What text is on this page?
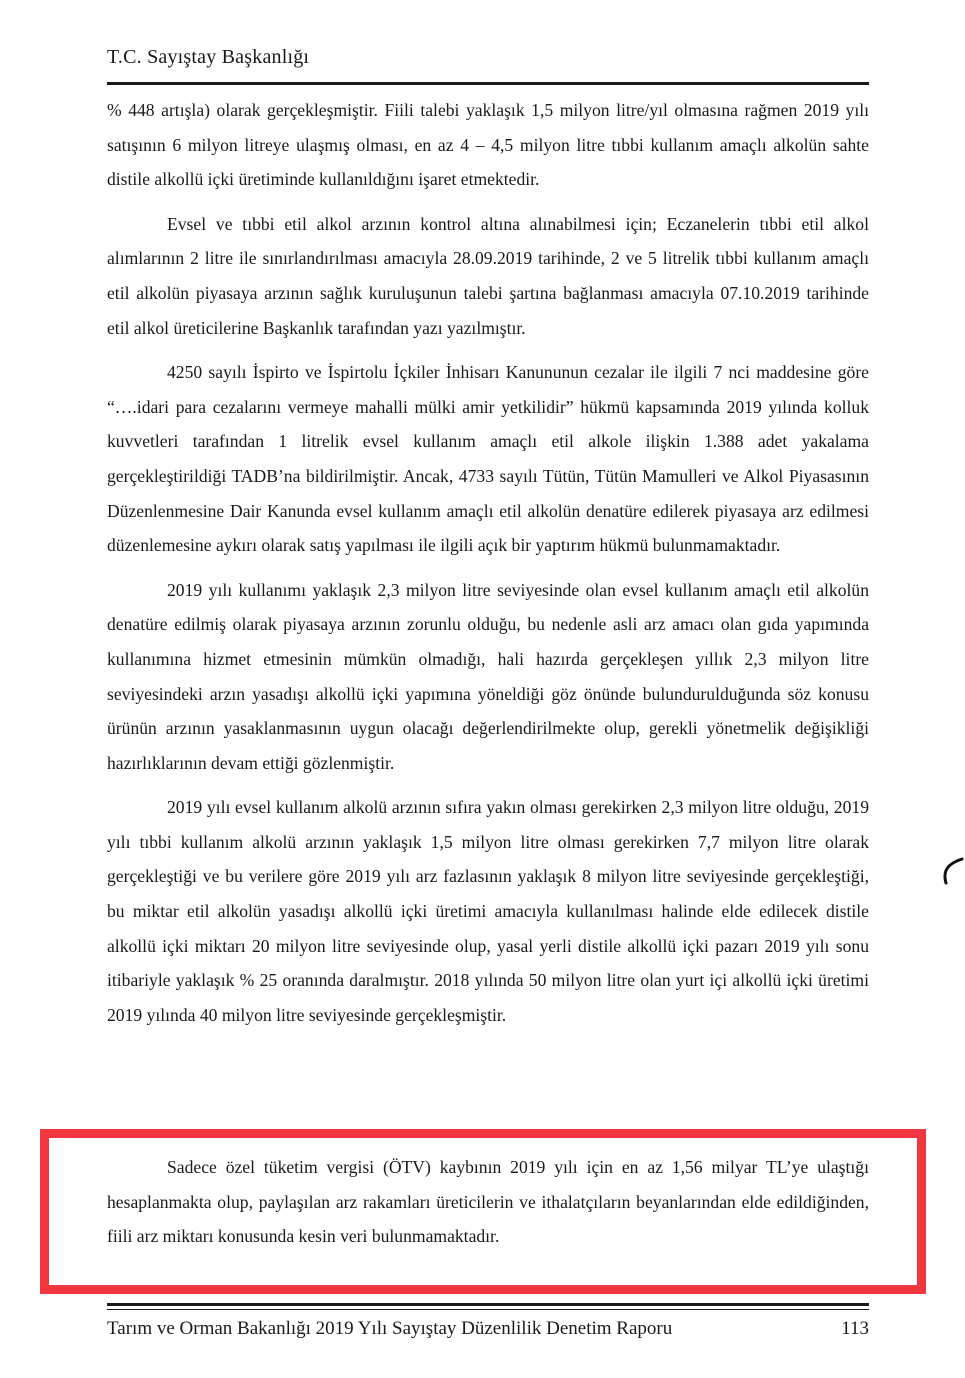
T.C. Sayıştay Başkanlığı

% 448 artışla) olarak gerçekleşmiştir. Fiili talebi yaklaşık 1,5 milyon litre/yıl olmasına rağmen 2019 yılı satışının 6 milyon litreye ulaşmış olması, en az 4 – 4,5 milyon litre tıbbi kullanım amaçlı alkolün sahte distile alkollü içki üretiminde kullanıldığını işaret etmektedir.

Evsel ve tıbbi etil alkol arzının kontrol altına alınabilmesi için; Eczanelerin tıbbi etil alkol alımlarının 2 litre ile sınırlandırılması amacıyla 28.09.2019 tarihinde, 2 ve 5 litrelik tıbbi kullanım amaçlı etil alkolün piyasaya arzının sağlık kuruluşunun talebi şartına bağlanması amacıyla 07.10.2019 tarihinde etil alkol üreticilerine Başkanlık tarafından yazı yazılmıştır.

4250 sayılı İspirto ve İspirtolu İçkiler İnhisarı Kanununun cezalar ile ilgili 7 nci maddesine göre “….idari para cezalarını vermeye mahalli mülki amir yetkilidir” hükmü kapsamında 2019 yılında kolluk kuvvetleri tarafından 1 litrelik evsel kullanım amaçlı etil alkole ilişkin 1.388 adet yakalama gerçekleştirildiği TADB’na bildirilmiştir. Ancak, 4733 sayılı Tütün, Tütün Mamulleri ve Alkol Piyasasının Düzenlenmesine Dair Kanunda evsel kullanım amaçlı etil alkolün denatüre edilerek piyasaya arz edilmesi düzenlemesine aykırı olarak satış yapılması ile ilgili açık bir yaptırım hükmü bulunmamaktadır.

2019 yılı kullanımı yaklaşık 2,3 milyon litre seviyesinde olan evsel kullanım amaçlı etil alkolün denatüre edilmiş olarak piyasaya arzının zorunlu olduğu, bu nedenle asli arz amacı olan gıda yapımında kullanımına hizmet etmesinin mümkün olmadığı, hali hazırda gerçekleşen yıllık 2,3 milyon litre seviyesindeki arzın yasadışı alkollü içki yapımına yöneldiği göz önünde bulundurulduğunda söz konusu ürünün arzının yasaklanmasının uygun olacağı değerlendirilmekte olup, gerekli yönetmelik değişikliği hazırlıklarının devam ettiği gözlenmiştir.

2019 yılı evsel kullanım alkolü arzının sıfıra yakın olması gerekirken 2,3 milyon litre olduğu, 2019 yılı tıbbi kullanım alkolü arzının yaklaşık 1,5 milyon litre olması gerekirken 7,7 milyon litre olarak gerçekleştiği ve bu verilere göre 2019 yılı arz fazlasının yaklaşık 8 milyon litre seviyesinde gerçekleştiği, bu miktar etil alkolün yasadışı alkollü içki üretimi amacıyla kullanılması halinde elde edilecek distile alkollü içki miktarı 20 milyon litre seviyesinde olup, yasal yerli distile alkollü içki pazarı 2019 yılı sonu itibariyle yaklaşık % 25 oranında daralmıştır. 2018 yılında 50 milyon litre olan yurt içi alkollü içki üretimi 2019 yılında 40 milyon litre seviyesinde gerçekleşmiştir.

Sadece özel tüketim vergisi (ÖTV) kaybının 2019 yılı için en az 1,56 milyar TL’ye ulaştığı hesaplanmakta olup, paylaşılan arz rakamları üreticilerin ve ithalatçıların beyanlarından elde edildiğinden, fiili arz miktarı konusunda kesin veri bulunmamaktadır.

Tarım ve Orman Bakanlığı 2019 Yılı Sayıştay Düzenlilik Denetim Raporu	113
